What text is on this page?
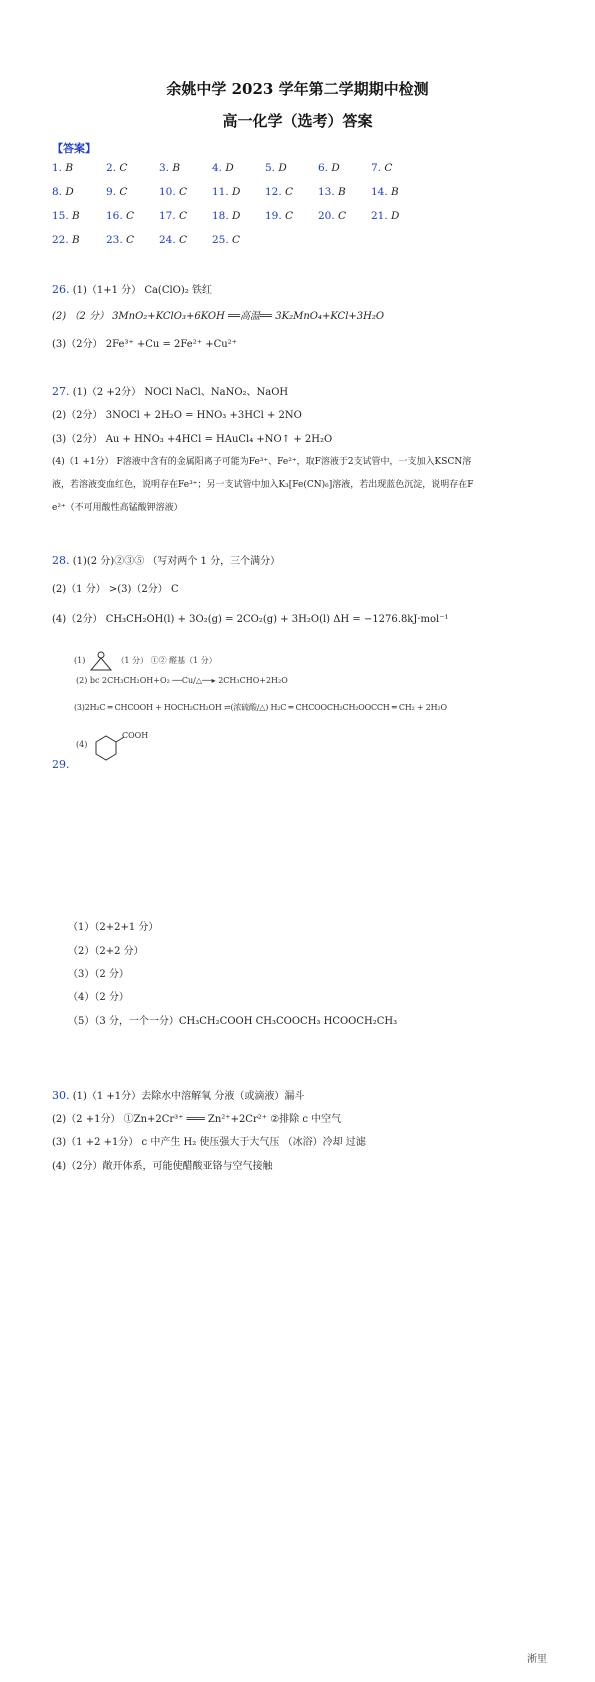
余姚中学 2023 学年第二学期期中检测
高一化学（选考）答案
【答案】
1. B	2. C	3. B	4. D	5. D	6. D	7. C
8. D	9. C	10. C 11. D 12. C 13. B 14. B
15. B 16. C 17. C 18. D 19. C 20. C 21. D
22. B 23. C 24. C 25. C
26. (1)（1+1 分） Ca(ClO)₂ 铁红
(2) （2 分） 3MnO₂+KClO₃+6KOH ══高温══ 3K₂MnO₄+KCl+3H₂O
(3)（2分） 2Fe³⁺ +Cu = 2Fe²⁺ +Cu²⁺
27. (1)（2 +2分） NOCl NaCl、NaNO₂、NaOH
(2)（2分） 3NOCl + 2H₂O = HNO₃ +3HCl + 2NO
(3)（2分） Au + HNO₃ +4HCl = HAuCl₄ +NO↑ + 2H₂O
(4)（1 +1分） F溶液中含有的金属阳离子可能为Fe³⁺、Fe²⁺，取F溶液于2支试管中，一支加入KSCN溶
液，若溶液变血红色，说明存在Fe³⁺；另一支试管中加入K₃[Fe(CN)₆]溶液，若出现蓝色沉淀，说明存在F
e²⁺（不可用酸性高锰酸钾溶液）
28. (1)(2 分)②③⑤ （写对两个 1 分，三个满分）
(2)（1 分） >(3)（2分） C
(4)（2分） CH₃CH₂OH(l) + 3O₂(g) = 2CO₂(g) + 3H₂O(l) ΔH = −1276.8kJ·mol⁻¹
(1)	（1 分） ①② 醛基（1 分）
(2) bc 2CH₃CH₂OH+O₂ ──Cu/△──▸ 2CH₃CHO+2H₂O
(3)2H₂C ═ CHCOOH + HOCH₂CH₂OH ⇌(浓硫酸/△) H₂C ═ CHCOOCH₂CH₂OOCCH ═ CH₂ + 2H₂O
(4)
COOH
29.
（1）（2+2+1 分）
（2）（2+2 分）
（3）（2 分）
（4）（2 分）
（5）（3 分，一个一分）CH₃CH₂COOH CH₃COOCH₃ HCOOCH₂CH₃
30. (1)（1 +1分）去除水中溶解氧 分液（或滴液）漏斗
(2)（2 +1分） ①Zn+2Cr³⁺ ═══ Zn²⁺+2Cr²⁺ ②排除 c 中空气
(3)（1 +2 +1分） c 中产生 H₂ 使压强大于大气压 （冰浴）冷却 过滤
(4)（2分）敞开体系，可能使醋酸亚铬与空气接触
淅里
